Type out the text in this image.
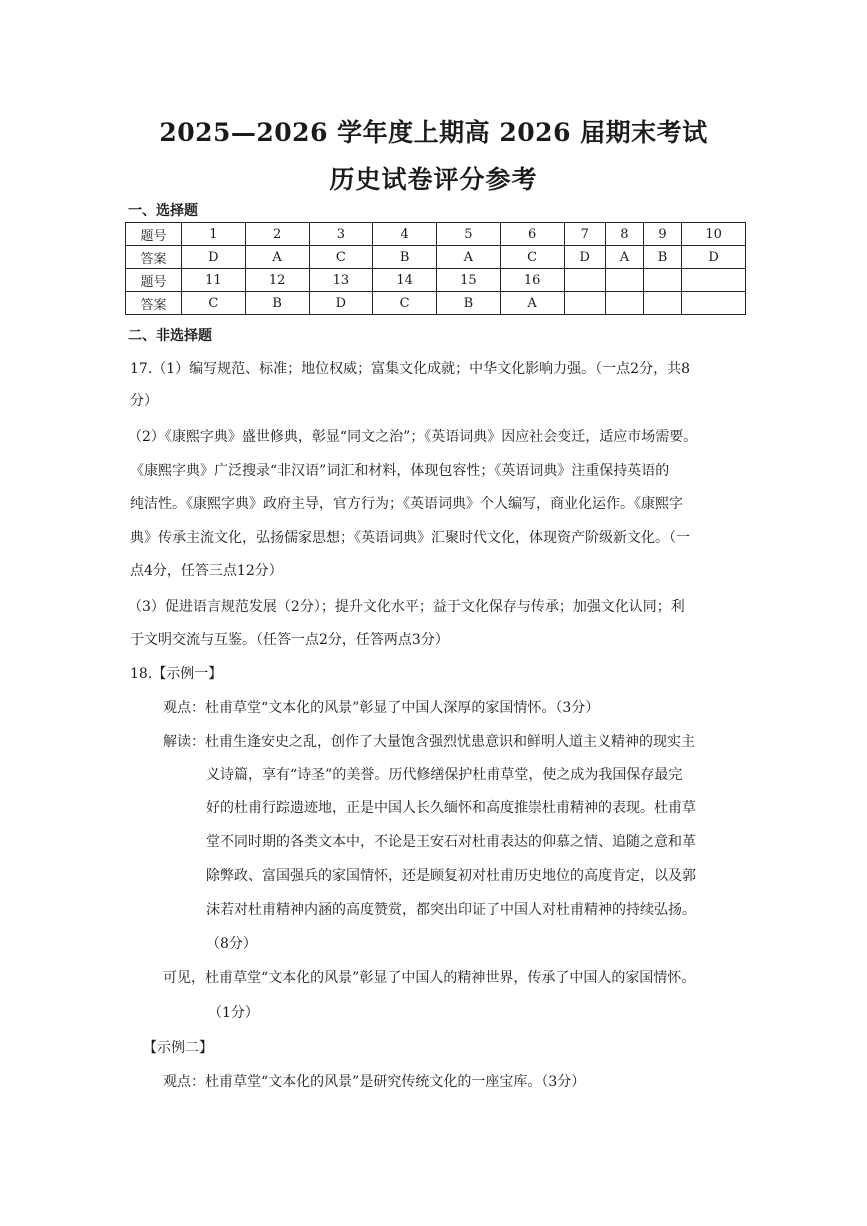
2025—2026 学年度上期高 2026 届期末考试
历史试卷评分参考
一、选择题
题号	1	2	3	4	5	6	7	8	9	10
答案	D	A	C	B	A	C	D	A	B	D
题号	11	12	13	14	15	16				
答案	C	B	D	C	B	A				
二、非选择题
17.（1）编写规范、标准；地位权威；富集文化成就；中华文化影响力强。（一点2分，共8
分）
（2）《康熙字典》盛世修典，彰显“同文之治”；《英语词典》因应社会变迁，适应市场需要。
《康熙字典》广泛搜录“非汉语”词汇和材料，体现包容性；《英语词典》注重保持英语的
纯洁性。《康熙字典》政府主导，官方行为；《英语词典》个人编写，商业化运作。《康熙字
典》传承主流文化，弘扬儒家思想；《英语词典》汇聚时代文化，体现资产阶级新文化。（一
点4分，任答三点12分）
（3）促进语言规范发展（2分）；提升文化水平；益于文化保存与传承；加强文化认同；利
于文明交流与互鉴。（任答一点2分，任答两点3分）
18.【示例一】
观点：杜甫草堂“文本化的风景”彰显了中国人深厚的家国情怀。（3分）
解读：杜甫生逢安史之乱，创作了大量饱含强烈忧患意识和鲜明人道主义精神的现实主
义诗篇，享有“诗圣”的美誉。历代修缮保护杜甫草堂，使之成为我国保存最完
好的杜甫行踪遗迹地，正是中国人长久缅怀和高度推崇杜甫精神的表现。杜甫草
堂不同时期的各类文本中，不论是王安石对杜甫表达的仰慕之情、追随之意和革
除弊政、富国强兵的家国情怀，还是顾复初对杜甫历史地位的高度肯定，以及郭
沫若对杜甫精神内涵的高度赞赏，都突出印证了中国人对杜甫精神的持续弘扬。
（8分）
可见，杜甫草堂“文本化的风景”彰显了中国人的精神世界，传承了中国人的家国情怀。
（1分）
【示例二】
观点：杜甫草堂“文本化的风景”是研究传统文化的一座宝库。（3分）
